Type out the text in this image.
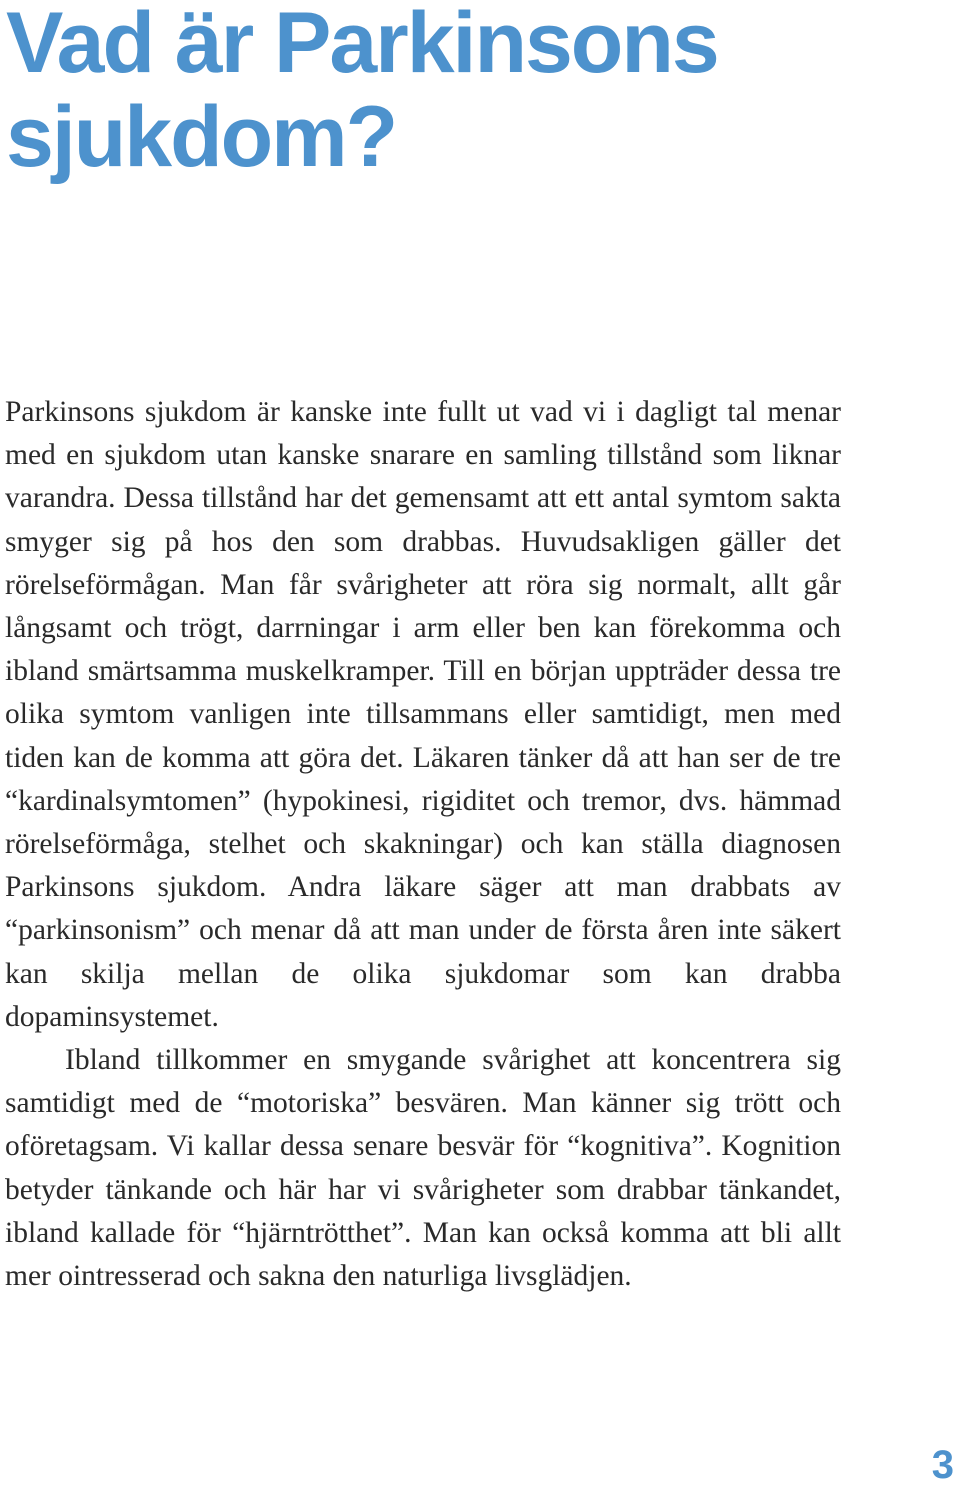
Vad är Parkinsons
sjukdom?

Parkinsons sjukdom är kanske inte fullt ut vad vi i dagligt tal menar med en sjukdom utan kanske snarare en samling tillstånd som liknar varandra. Dessa tillstånd har det gemensamt att ett antal symtom sakta smyger sig på hos den som drabbas. Huvudsakligen gäller det rörelseförmågan. Man får svårigheter att röra sig normalt, allt går långsamt och trögt, darrningar i arm eller ben kan förekomma och ibland smärtsamma muskelkramper. Till en början uppträder dessa tre olika symtom vanligen inte tillsammans eller samtidigt, men med tiden kan de komma att göra det. Läkaren tänker då att han ser de tre “kardinalsymtomen” (hypokinesi, rigiditet och tremor, dvs. hämmad rörelseförmåga, stelhet och skakningar) och kan ställa diagnosen Parkinsons sjukdom. Andra läkare säger att man drabbats av “parkinsonism” och menar då att man under de första åren inte säkert kan skilja mellan de olika sjukdomar som kan drabba dopaminsystemet.

Ibland tillkommer en smygande svårighet att koncentrera sig samtidigt med de “motoriska” besvären. Man känner sig trött och oföretagsam. Vi kallar dessa senare besvär för “kognitiva”. Kognition betyder tänkande och här har vi svårigheter som drabbar tänkandet, ibland kallade för “hjärntrötthet”. Man kan också komma att bli allt mer ointresserad och sakna den naturliga livsglädjen.

3
